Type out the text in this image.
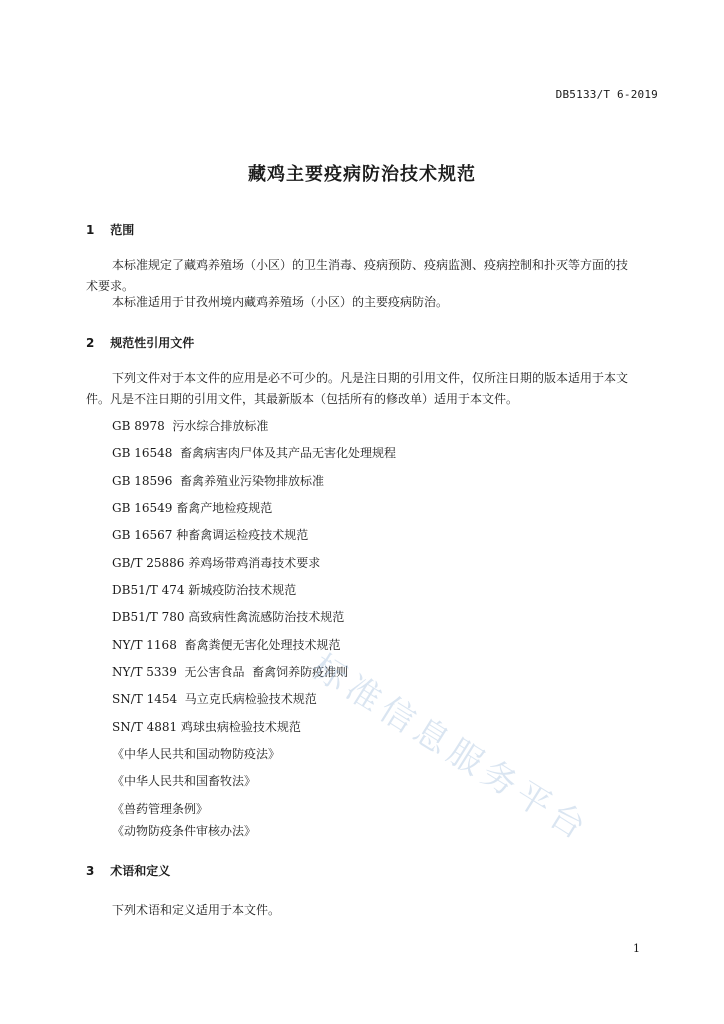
DB5133/T 6-2019
藏鸡主要疫病防治技术规范
1 范围
本标准规定了藏鸡养殖场（小区）的卫生消毒、疫病预防、疫病监测、疫病控制和扑灭等方面的技
术要求。
本标准适用于甘孜州境内藏鸡养殖场（小区）的主要疫病防治。
2 规范性引用文件
下列文件对于本文件的应用是必不可少的。凡是注日期的引用文件，仅所注日期的版本适用于本文
件。凡是不注日期的引用文件，其最新版本（包括所有的修改单）适用于本文件。
GB 8978  污水综合排放标准
GB 16548  畜禽病害肉尸体及其产品无害化处理规程
GB 18596  畜禽养殖业污染物排放标准
GB 16549 畜禽产地检疫规范
GB 16567 种畜禽调运检疫技术规范
GB/T 25886 养鸡场带鸡消毒技术要求
DB51/T 474 新城疫防治技术规范
DB51/T 780 高致病性禽流感防治技术规范
NY/T 1168  畜禽粪便无害化处理技术规范
NY/T 5339  无公害食品  畜禽饲养防疫准则
SN/T 1454  马立克氏病检验技术规范
SN/T 4881 鸡球虫病检验技术规范
《中华人民共和国动物防疫法》
《中华人民共和国畜牧法》
《兽药管理条例》
《动物防疫条件审核办法》
3 术语和定义
下列术语和定义适用于本文件。
1
标准信息服务平台
